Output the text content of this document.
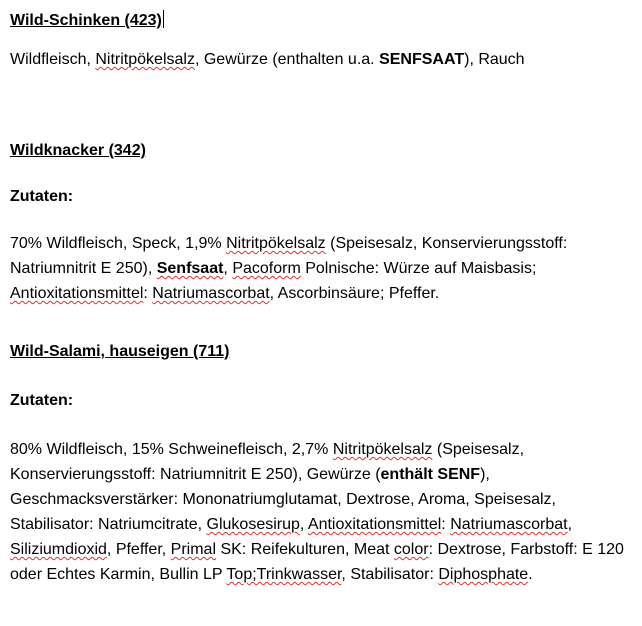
Wild-Schinken (423)

Wildfleisch, Nitritpökelsalz, Gewürze (enthalten u.a. SENFSAAT), Rauch

Wildknacker (342)

Zutaten:

70% Wildfleisch, Speck, 1,9% Nitritpökelsalz (Speisesalz, Konservierungsstoff: Natriumnitrit E 250), Senfsaat, Pacoform Polnische: Würze auf Maisbasis; Antioxitationsmittel: Natriumascorbat, Ascorbinsäure; Pfeffer.

Wild-Salami, hauseigen (711)

Zutaten:

80% Wildfleisch, 15% Schweinefleisch, 2,7% Nitritpökelsalz (Speisesalz, Konservierungsstoff: Natriumnitrit E 250), Gewürze (enthält SENF), Geschmacksverstärker: Mononatriumglutamat, Dextrose, Aroma, Speisesalz, Stabilisator: Natriumcitrate, Glukosesirup, Antioxitationsmittel: Natriumascorbat, Siliziumdioxid, Pfeffer, Primal SK: Reifekulturen, Meat color: Dextrose, Farbstoff: E 120 oder Echtes Karmin, Bullin LP Top;Trinkwasser, Stabilisator: Diphosphate.
